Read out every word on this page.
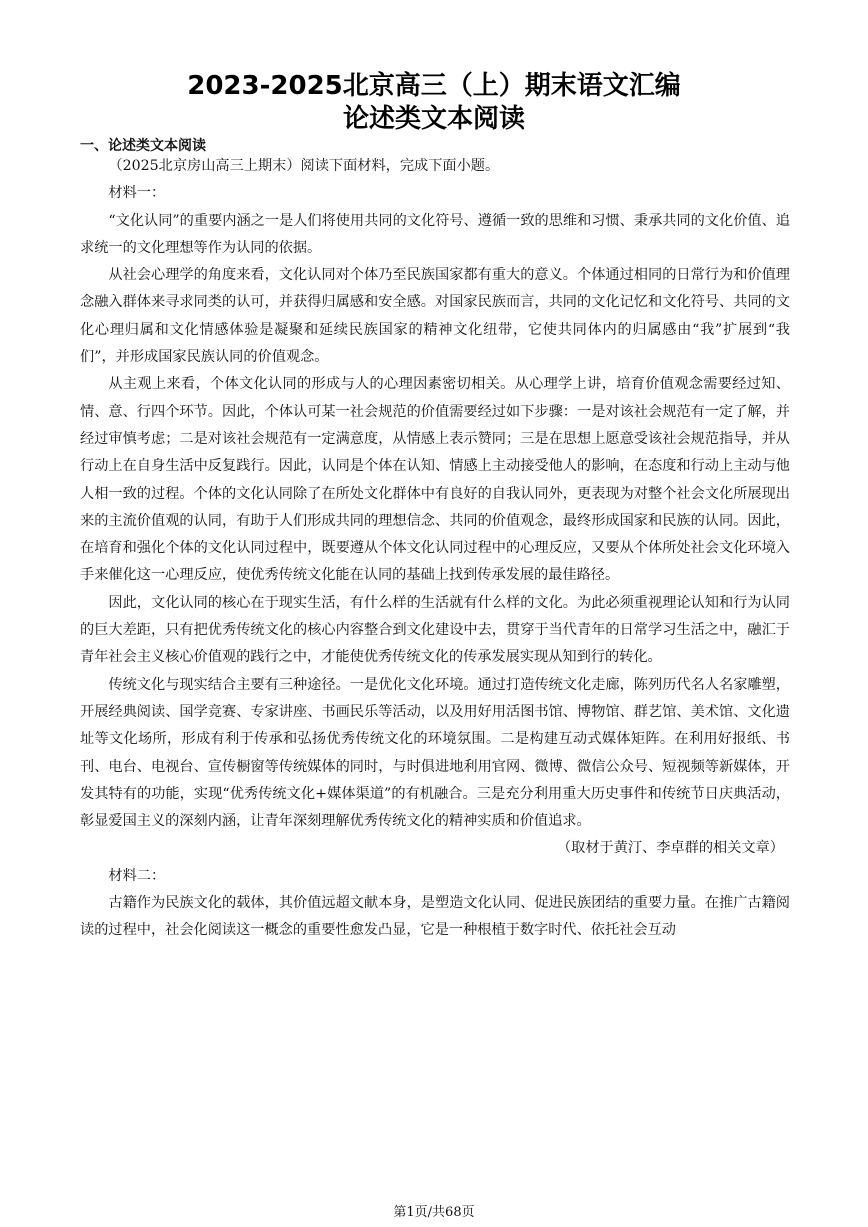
2023-2025北京高三（上）期末语文汇编
论述类文本阅读
一、论述类文本阅读

（2025北京房山高三上期末）阅读下面材料，完成下面小题。

材料一：

“文化认同”的重要内涵之一是人们将使用共同的文化符号、遵循一致的思维和习惯、秉承共同的文化价值、追求统一的文化理想等作为认同的依据。

从社会心理学的角度来看，文化认同对个体乃至民族国家都有重大的意义。个体通过相同的日常行为和价值理念融入群体来寻求同类的认可，并获得归属感和安全感。对国家民族而言，共同的文化记忆和文化符号、共同的文化心理归属和文化情感体验是凝聚和延续民族国家的精神文化纽带，它使共同体内的归属感由“我”扩展到“我们”，并形成国家民族认同的价值观念。

从主观上来看，个体文化认同的形成与人的心理因素密切相关。从心理学上讲，培育价值观念需要经过知、情、意、行四个环节。因此，个体认可某一社会规范的价值需要经过如下步骤：一是对该社会规范有一定了解，并经过审慎考虑；二是对该社会规范有一定满意度，从情感上表示赞同；三是在思想上愿意受该社会规范指导，并从行动上在自身生活中反复践行。因此，认同是个体在认知、情感上主动接受他人的影响，在态度和行动上主动与他人相一致的过程。个体的文化认同除了在所处文化群体中有良好的自我认同外，更表现为对整个社会文化所展现出来的主流价值观的认同，有助于人们形成共同的理想信念、共同的价值观念，最终形成国家和民族的认同。因此，在培育和强化个体的文化认同过程中，既要遵从个体文化认同过程中的心理反应，又要从个体所处社会文化环境入手来催化这一心理反应，使优秀传统文化能在认同的基础上找到传承发展的最佳路径。

因此，文化认同的核心在于现实生活，有什么样的生活就有什么样的文化。为此必须重视理论认知和行为认同的巨大差距，只有把优秀传统文化的核心内容整合到文化建设中去，贯穿于当代青年的日常学习生活之中，融汇于青年社会主义核心价值观的践行之中，才能使优秀传统文化的传承发展实现从知到行的转化。

传统文化与现实结合主要有三种途径。一是优化文化环境。通过打造传统文化走廊，陈列历代名人名家雕塑，开展经典阅读、国学竞赛、专家讲座、书画民乐等活动，以及用好用活图书馆、博物馆、群艺馆、美术馆、文化遗址等文化场所，形成有利于传承和弘扬优秀传统文化的环境氛围。二是构建互动式媒体矩阵。在利用好报纸、书刊、电台、电视台、宣传橱窗等传统媒体的同时，与时俱进地利用官网、微博、微信公众号、短视频等新媒体，开发其特有的功能，实现“优秀传统文化+媒体渠道”的有机融合。三是充分利用重大历史事件和传统节日庆典活动，彰显爱国主义的深刻内涵，让青年深刻理解优秀传统文化的精神实质和价值追求。

（取材于黄汀、李卓群的相关文章）

材料二：

古籍作为民族文化的载体，其价值远超文献本身，是塑造文化认同、促进民族团结的重要力量。在推广古籍阅读的过程中，社会化阅读这一概念的重要性愈发凸显，它是一种根植于数字时代、依托社会互动

第1页/共68页
